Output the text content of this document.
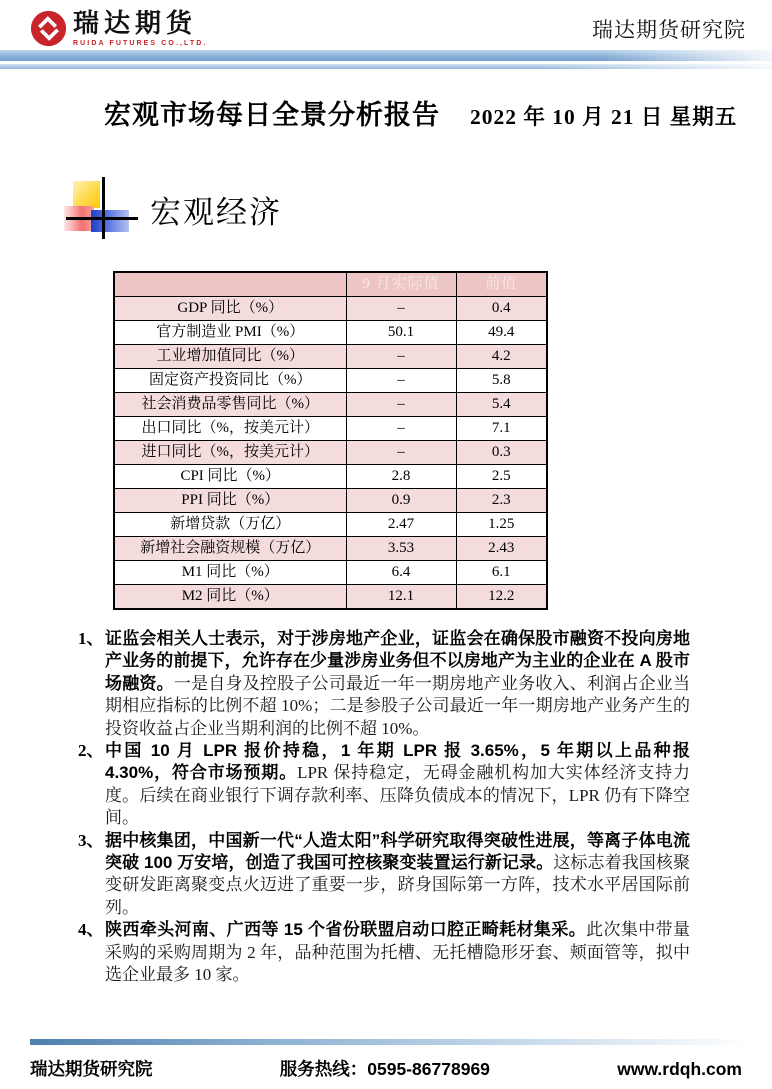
瑞达期货
RUIDA FUTURES CO.,LTD.
瑞达期货研究院
宏观市场每日全景分析报告 2022 年 10 月 21 日 星期五
宏观经济
	9 月实际值	前值
GDP 同比（%）	–	0.4
官方制造业 PMI（%）	50.1	49.4
工业增加值同比（%）	–	4.2
固定资产投资同比（%）	–	5.8
社会消费品零售同比（%）	–	5.4
出口同比（%，按美元计）	–	7.1
进口同比（%，按美元计）	–	0.3
CPI 同比（%）	2.8	2.5
PPI 同比（%）	0.9	2.3
新增贷款（万亿）	2.47	1.25
新增社会融资规模（万亿）	3.53	2.43
M1 同比（%）	6.4	6.1
M2 同比（%）	12.1	12.2
1、 证监会相关人士表示，对于涉房地产企业，证监会在确保股市融资不投向房地产业务的前提下，允许存在少量涉房业务但不以房地产为主业的企业在 A 股市场融资。一是自身及控股子公司最近一年一期房地产业务收入、利润占企业当期相应指标的比例不超 10%；二是参股子公司最近一年一期房地产业务产生的投资收益占企业当期利润的比例不超 10%。
2、 中国 10 月 LPR 报价持稳，1 年期 LPR 报 3.65%，5 年期以上品种报 4.30%，符合市场预期。LPR 保持稳定，无碍金融机构加大实体经济支持力度。后续在商业银行下调存款利率、压降负债成本的情况下，LPR 仍有下降空间。
3、 据中核集团，中国新一代“人造太阳”科学研究取得突破性进展，等离子体电流突破 100 万安培，创造了我国可控核聚变装置运行新记录。这标志着我国核聚变研发距离聚变点火迈进了重要一步，跻身国际第一方阵，技术水平居国际前列。
4、 陕西牵头河南、广西等 15 个省份联盟启动口腔正畸耗材集采。此次集中带量采购的采购周期为 2 年，品种范围为托槽、无托槽隐形牙套、颊面管等，拟中选企业最多 10 家。
瑞达期货研究院	服务热线：0595-86778969	www.rdqh.com
